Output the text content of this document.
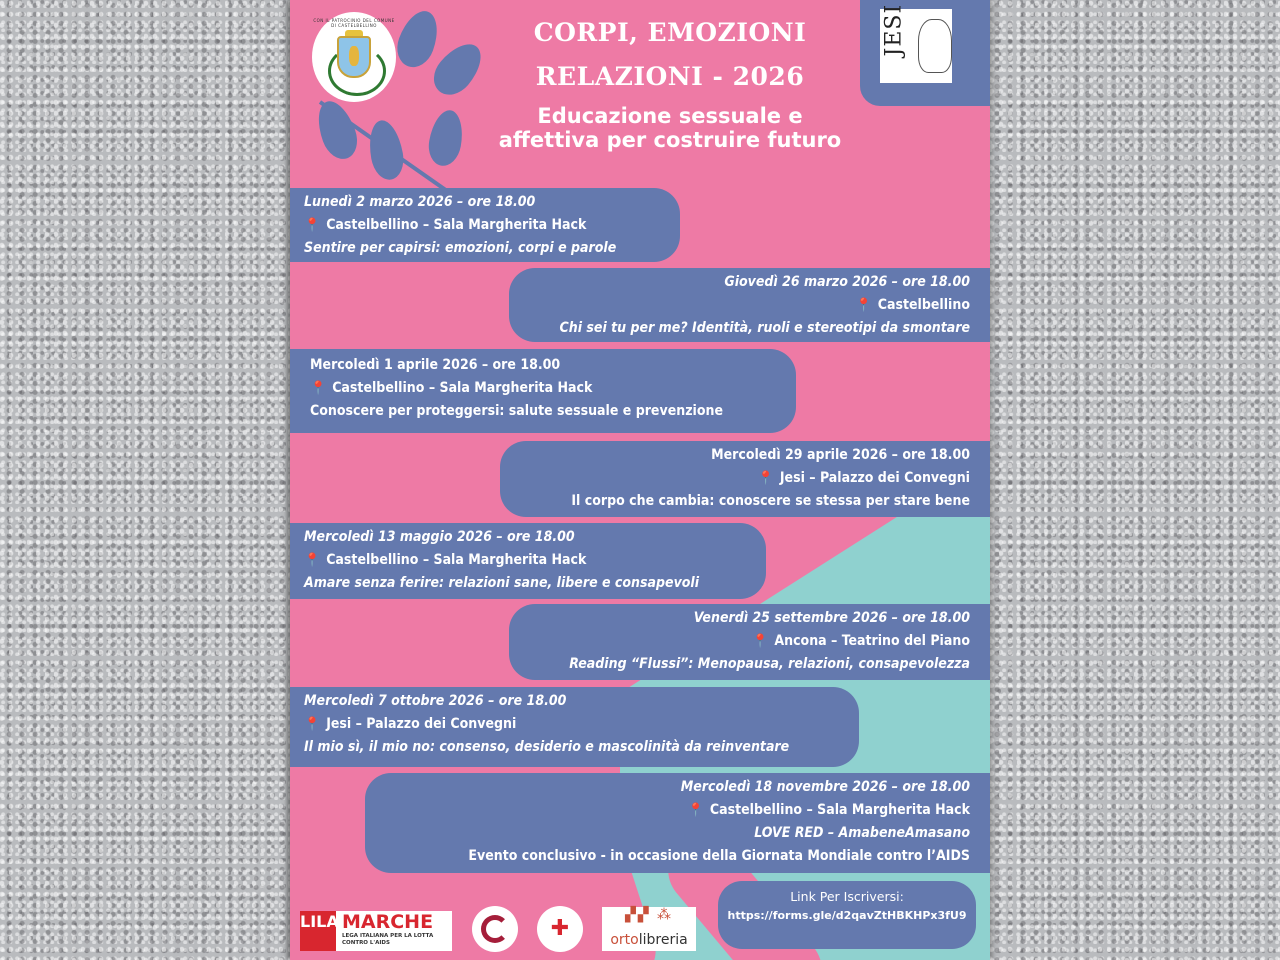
CON IL PATROCINIO DEL COMUNE DI CASTELBELLINO	JESI
CORPI, EMOZIONI
RELAZIONI - 2026
Educazione sessuale e
affettiva per costruire futuro
Lunedì 2 marzo 2026 – ore 18.00
📍 Castelbellino – Sala Margherita Hack
Sentire per capirsi: emozioni, corpi e parole
Giovedì 26 marzo 2026 – ore 18.00
📍 Castelbellino
Chi sei tu per me? Identità, ruoli e stereotipi da smontare
Mercoledì 1 aprile 2026 – ore 18.00
📍 Castelbellino – Sala Margherita Hack
Conoscere per proteggersi: salute sessuale e prevenzione
Mercoledì 29 aprile 2026 – ore 18.00
📍 Jesi – Palazzo dei Convegni
Il corpo che cambia: conoscere se stessa per stare bene
Mercoledì 13 maggio 2026 – ore 18.00
📍 Castelbellino – Sala Margherita Hack
Amare senza ferire: relazioni sane, libere e consapevoli
Venerdì 25 settembre 2026 – ore 18.00
📍 Ancona – Teatrino del Piano
Reading “Flussi”: Menopausa, relazioni, consapevolezza
Mercoledì 7 ottobre 2026 – ore 18.00
📍 Jesi – Palazzo dei Convegni
Il mio sì, il mio no: consenso, desiderio e mascolinità da reinventare
Mercoledì 18 novembre 2026 – ore 18.00
📍 Castelbellino – Sala Margherita Hack
LOVE RED – AmabeneAmasano
Evento conclusivo - in occasione della Giornata Mondiale contro l’AIDS
Link Per Iscriversi:
https://forms.gle/d2qavZtHBKHPx3fU9
LILA MARCHE
LEGA ITALIANA PER LA LOTTA
CONTRO L'AIDS
✚
▞▞ ⁂
ortolibreria
